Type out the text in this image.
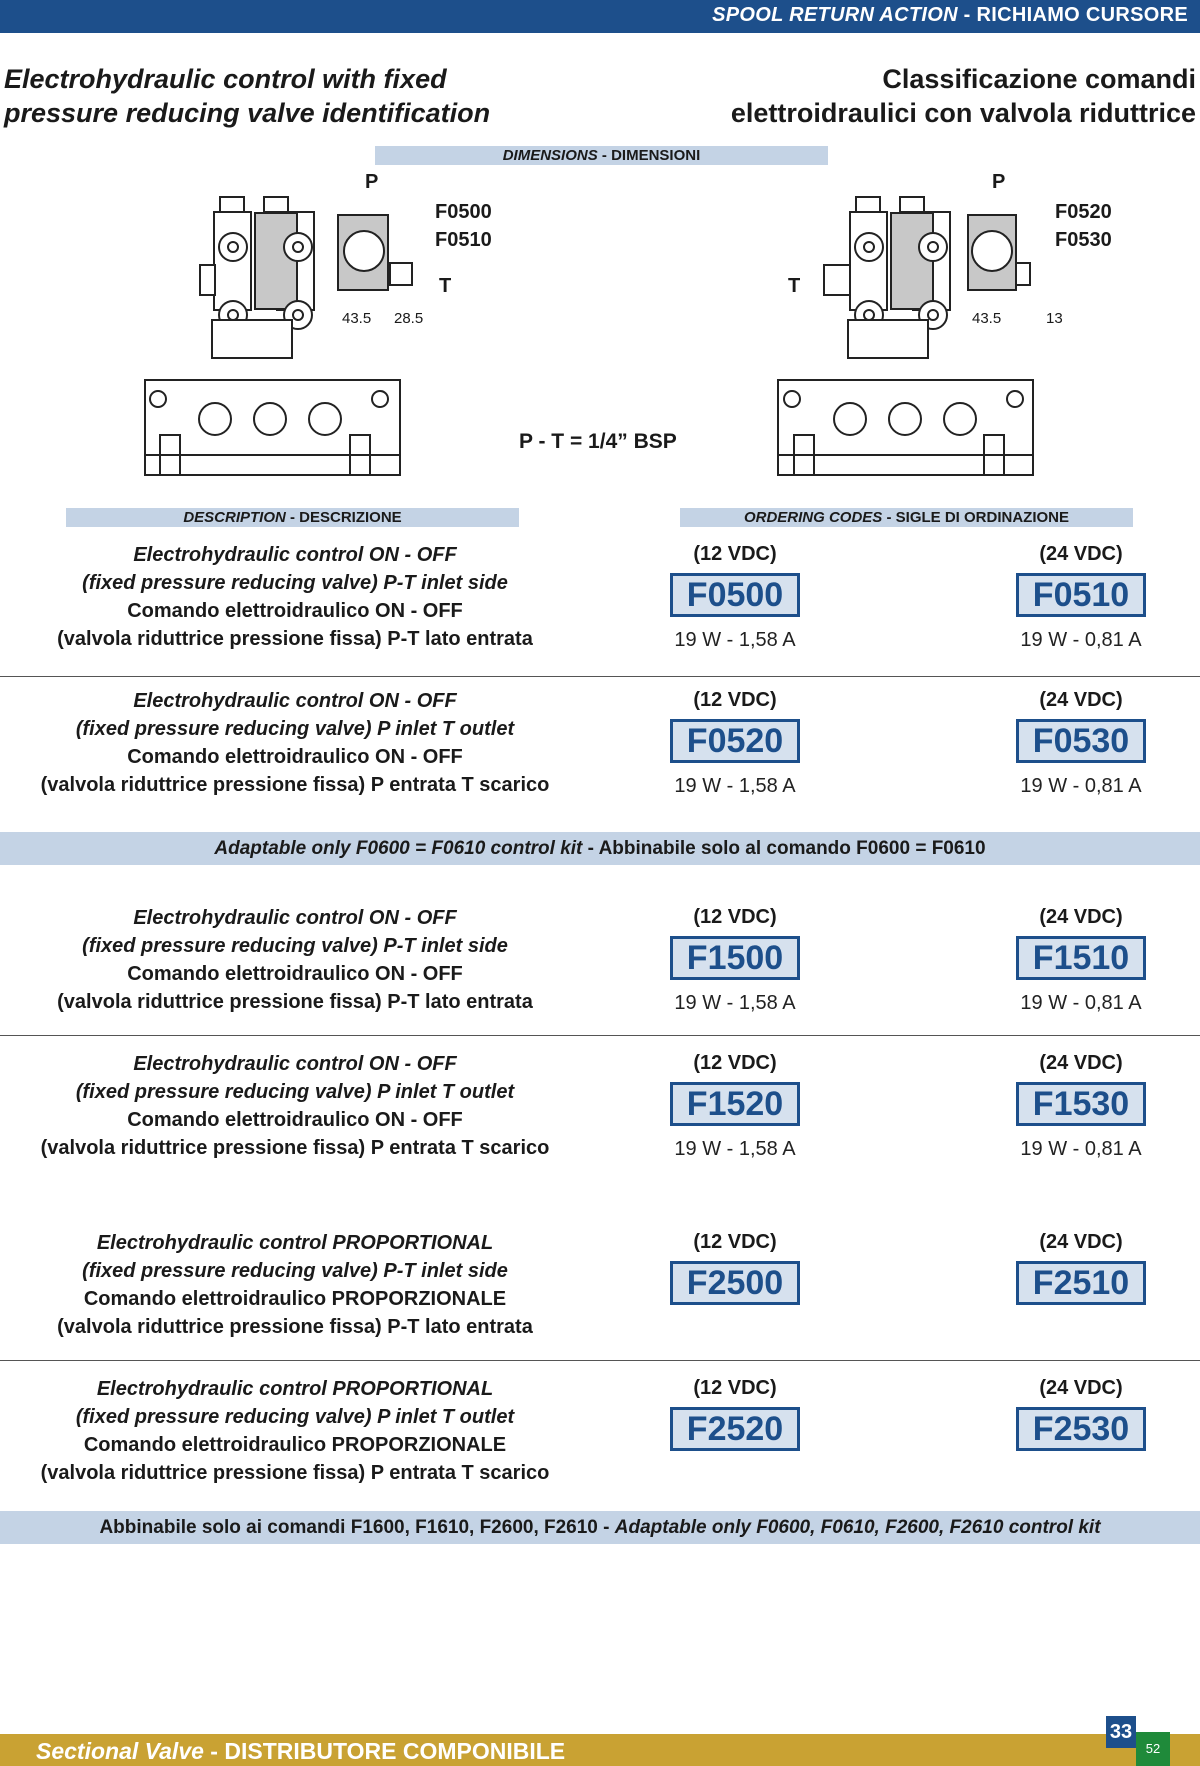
SPOOL RETURN ACTION - RICHIAMO CURSORE
Electrohydraulic control with fixed
pressure reducing valve identification
Classificazione comandi
elettroidraulici con valvola riduttrice
DIMENSIONS - DIMENSIONI
P
F0500
F0510
T
43.5 28.5
P
F0520
F0530
T
43.5	13
P - T = 1/4” BSP
DESCRIPTION - DESCRIZIONE	ORDERING CODES - SIGLE DI ORDINAZIONE
Electrohydraulic control ON - OFF
(fixed pressure reducing valve) P-T inlet side
Comando elettroidraulico ON - OFF
(valvola riduttrice pressione fissa) P-T lato entrata
(12 VDC)	(24 VDC)
F0500	F0510
19 W - 1,58 A	19 W - 0,81 A
Electrohydraulic control ON - OFF
(fixed pressure reducing valve) P inlet T outlet
Comando elettroidraulico ON - OFF
(valvola riduttrice pressione fissa) P entrata T scarico
(12 VDC)	(24 VDC)
F0520	F0530
19 W - 1,58 A	19 W - 0,81 A
Electrohydraulic control ON - OFF
(fixed pressure reducing valve) P-T inlet side
Comando elettroidraulico ON - OFF
(valvola riduttrice pressione fissa) P-T lato entrata
(12 VDC)	(24 VDC)
F1500	F1510
19 W - 1,58 A	19 W - 0,81 A
Electrohydraulic control ON - OFF
(fixed pressure reducing valve) P inlet T outlet
Comando elettroidraulico ON - OFF
(valvola riduttrice pressione fissa) P entrata T scarico
(12 VDC)	(24 VDC)
F1520	F1530
19 W - 1,58 A	19 W - 0,81 A
Electrohydraulic control PROPORTIONAL
(fixed pressure reducing valve) P-T inlet side
Comando elettroidraulico PROPORZIONALE
(valvola riduttrice pressione fissa) P-T lato entrata
(12 VDC)	(24 VDC)
F2500	F2510
Electrohydraulic control PROPORTIONAL
(fixed pressure reducing valve) P inlet T outlet
Comando elettroidraulico PROPORZIONALE
(valvola riduttrice pressione fissa) P entrata T scarico
(12 VDC)	(24 VDC)
F2520	F2530
Adaptable only F0600 = F0610 control kit - Abbinabile solo al comando F0600 = F0610
Abbinabile solo ai comandi F1600, F1610, F2600, F2610 - Adaptable only F0600, F0610, F2600, F2610 control kit
Sectional Valve - DISTRIBUTORE COMPONIBILE
33
52
